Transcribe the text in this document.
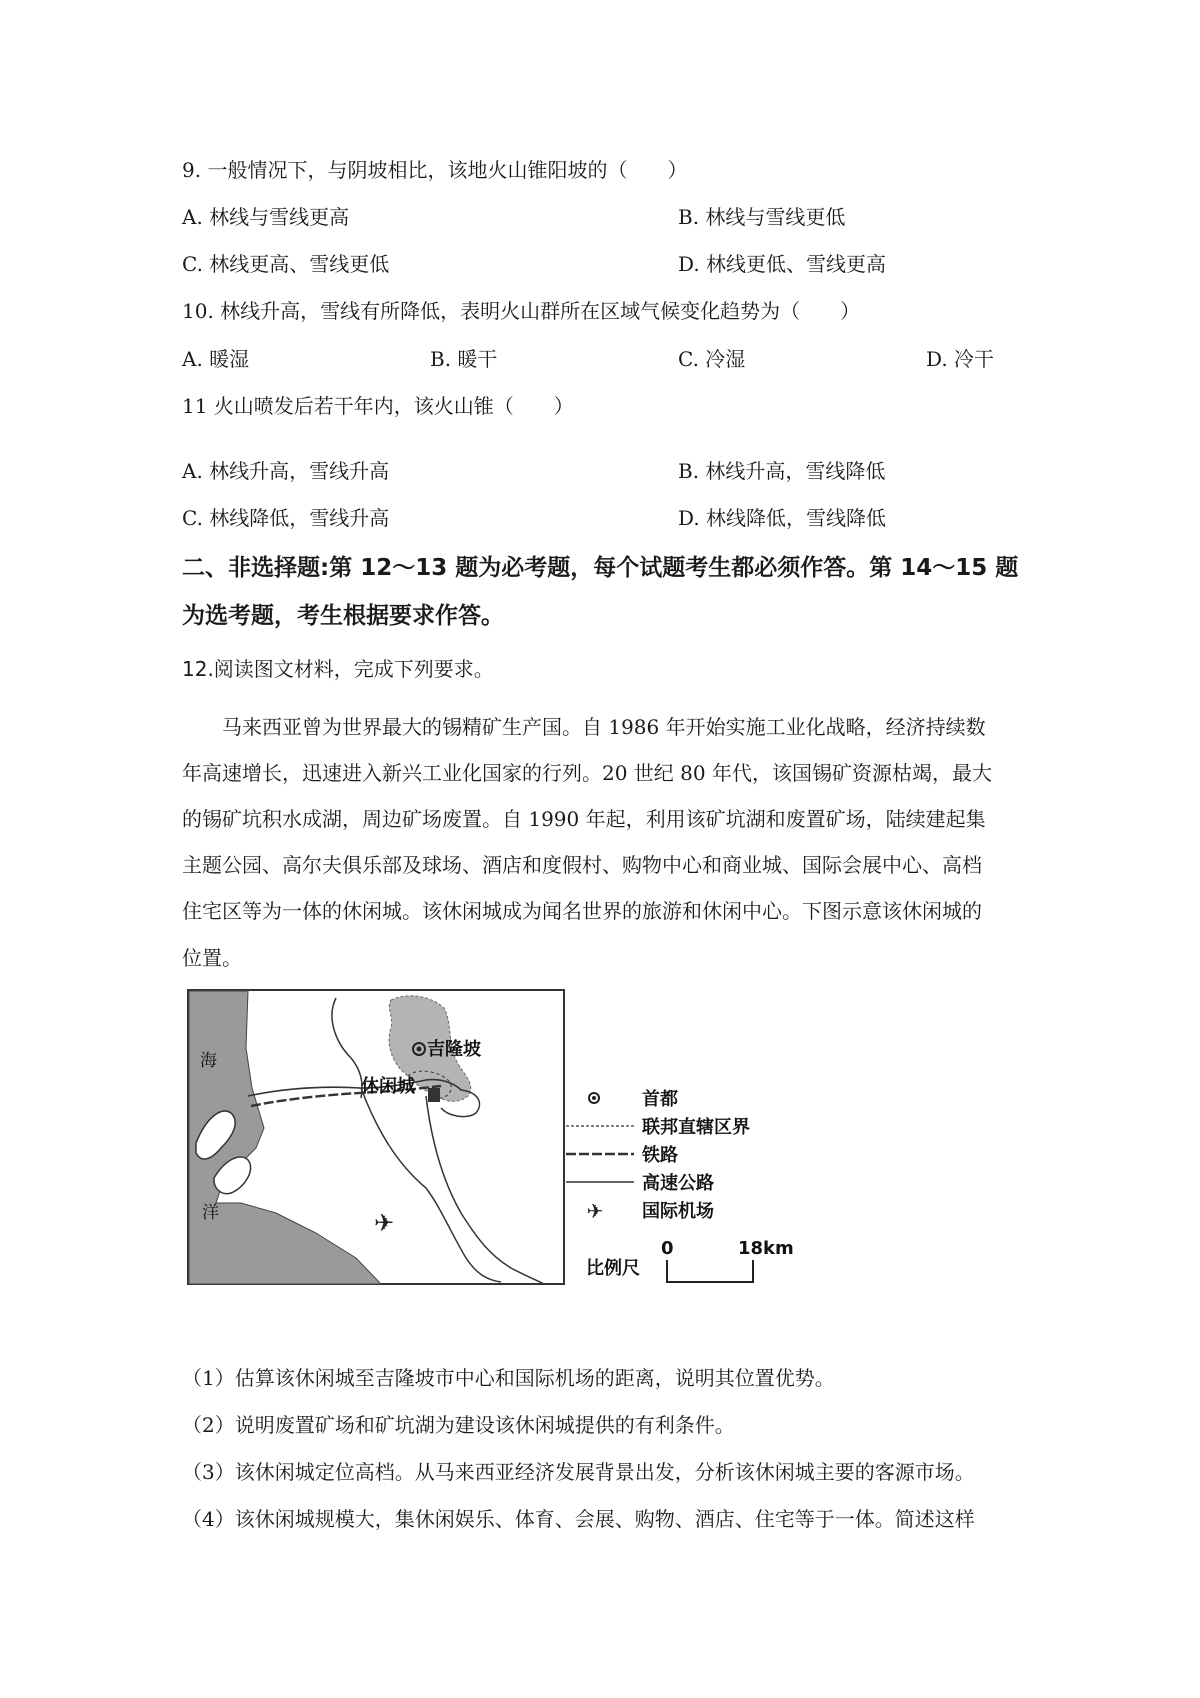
9. 一般情况下，与阴坡相比，该地火山锥阳坡的（　　）
A. 林线与雪线更高	B. 林线与雪线更低
C. 林线更高、雪线更低	D. 林线更低、雪线更高
10. 林线升高，雪线有所降低，表明火山群所在区域气候变化趋势为（　　）
A. 暖湿	B. 暖干	C. 冷湿	D. 冷干
11 火山喷发后若干年内，该火山锥（　　）
A. 林线升高，雪线升高	B. 林线升高，雪线降低
C. 林线降低，雪线升高	D. 林线降低，雪线降低
二、非选择题:第 12～13 题为必考题，每个试题考生都必须作答。第 14～15 题
为选考题，考生根据要求作答。
12.阅读图文材料，完成下列要求。
马来西亚曾为世界最大的锡精矿生产国。自 1986 年开始实施工业化战略，经济持续数
年高速增长，迅速进入新兴工业化国家的行列。20 世纪 80 年代，该国锡矿资源枯竭，最大
的锡矿坑积水成湖，周边矿场废置。自 1990 年起，利用该矿坑湖和废置矿场，陆续建起集
主题公园、高尔夫俱乐部及球场、酒店和度假村、购物中心和商业城、国际会展中心、高档
住宅区等为一体的休闲城。该休闲城成为闻名世界的旅游和休闲中心。下图示意该休闲城的
位置。
✈
海
洋
吉隆坡
休闲城
首都
联邦直辖区界
铁路
高速公路
✈ 国际机场
比例尺
0	18km
（1）估算该休闲城至吉隆坡市中心和国际机场的距离，说明其位置优势。
（2）说明废置矿场和矿坑湖为建设该休闲城提供的有利条件。
（3）该休闲城定位高档。从马来西亚经济发展背景出发，分析该休闲城主要的客源市场。
（4）该休闲城规模大，集休闲娱乐、体育、会展、购物、酒店、住宅等于一体。简述这样
